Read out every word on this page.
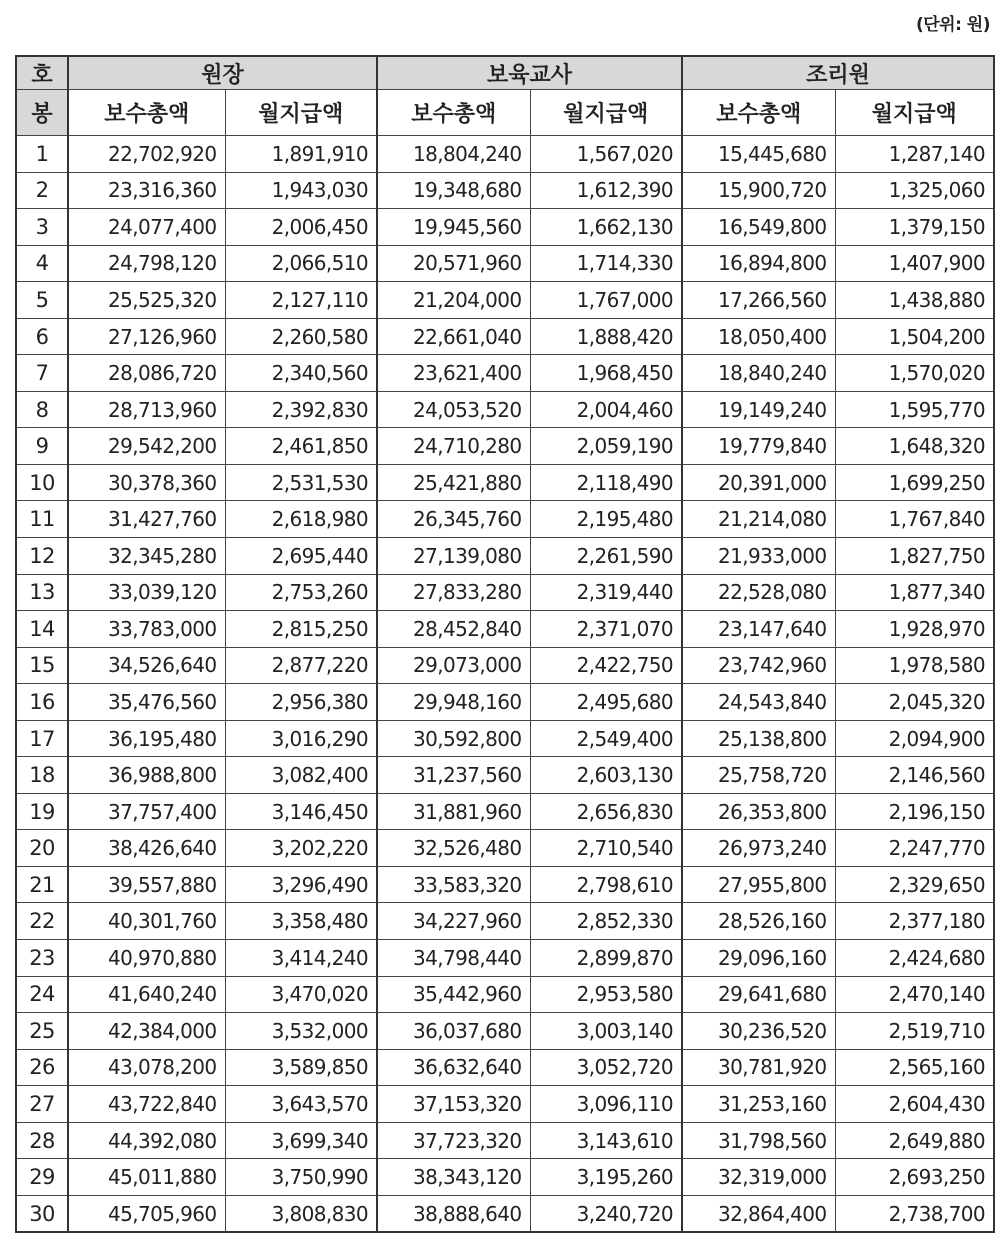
(단위: 원)
호	원장		보육교사		조리원	
봉	보수총액	월지급액	보수총액	월지급액	보수총액	월지급액
1	22,702,920	1,891,910	18,804,240	1,567,020	15,445,680	1,287,140
2	23,316,360	1,943,030	19,348,680	1,612,390	15,900,720	1,325,060
3	24,077,400	2,006,450	19,945,560	1,662,130	16,549,800	1,379,150
4	24,798,120	2,066,510	20,571,960	1,714,330	16,894,800	1,407,900
5	25,525,320	2,127,110	21,204,000	1,767,000	17,266,560	1,438,880
6	27,126,960	2,260,580	22,661,040	1,888,420	18,050,400	1,504,200
7	28,086,720	2,340,560	23,621,400	1,968,450	18,840,240	1,570,020
8	28,713,960	2,392,830	24,053,520	2,004,460	19,149,240	1,595,770
9	29,542,200	2,461,850	24,710,280	2,059,190	19,779,840	1,648,320
10	30,378,360	2,531,530	25,421,880	2,118,490	20,391,000	1,699,250
11	31,427,760	2,618,980	26,345,760	2,195,480	21,214,080	1,767,840
12	32,345,280	2,695,440	27,139,080	2,261,590	21,933,000	1,827,750
13	33,039,120	2,753,260	27,833,280	2,319,440	22,528,080	1,877,340
14	33,783,000	2,815,250	28,452,840	2,371,070	23,147,640	1,928,970
15	34,526,640	2,877,220	29,073,000	2,422,750	23,742,960	1,978,580
16	35,476,560	2,956,380	29,948,160	2,495,680	24,543,840	2,045,320
17	36,195,480	3,016,290	30,592,800	2,549,400	25,138,800	2,094,900
18	36,988,800	3,082,400	31,237,560	2,603,130	25,758,720	2,146,560
19	37,757,400	3,146,450	31,881,960	2,656,830	26,353,800	2,196,150
20	38,426,640	3,202,220	32,526,480	2,710,540	26,973,240	2,247,770
21	39,557,880	3,296,490	33,583,320	2,798,610	27,955,800	2,329,650
22	40,301,760	3,358,480	34,227,960	2,852,330	28,526,160	2,377,180
23	40,970,880	3,414,240	34,798,440	2,899,870	29,096,160	2,424,680
24	41,640,240	3,470,020	35,442,960	2,953,580	29,641,680	2,470,140
25	42,384,000	3,532,000	36,037,680	3,003,140	30,236,520	2,519,710
26	43,078,200	3,589,850	36,632,640	3,052,720	30,781,920	2,565,160
27	43,722,840	3,643,570	37,153,320	3,096,110	31,253,160	2,604,430
28	44,392,080	3,699,340	37,723,320	3,143,610	31,798,560	2,649,880
29	45,011,880	3,750,990	38,343,120	3,195,260	32,319,000	2,693,250
30	45,705,960	3,808,830	38,888,640	3,240,720	32,864,400	2,738,700
